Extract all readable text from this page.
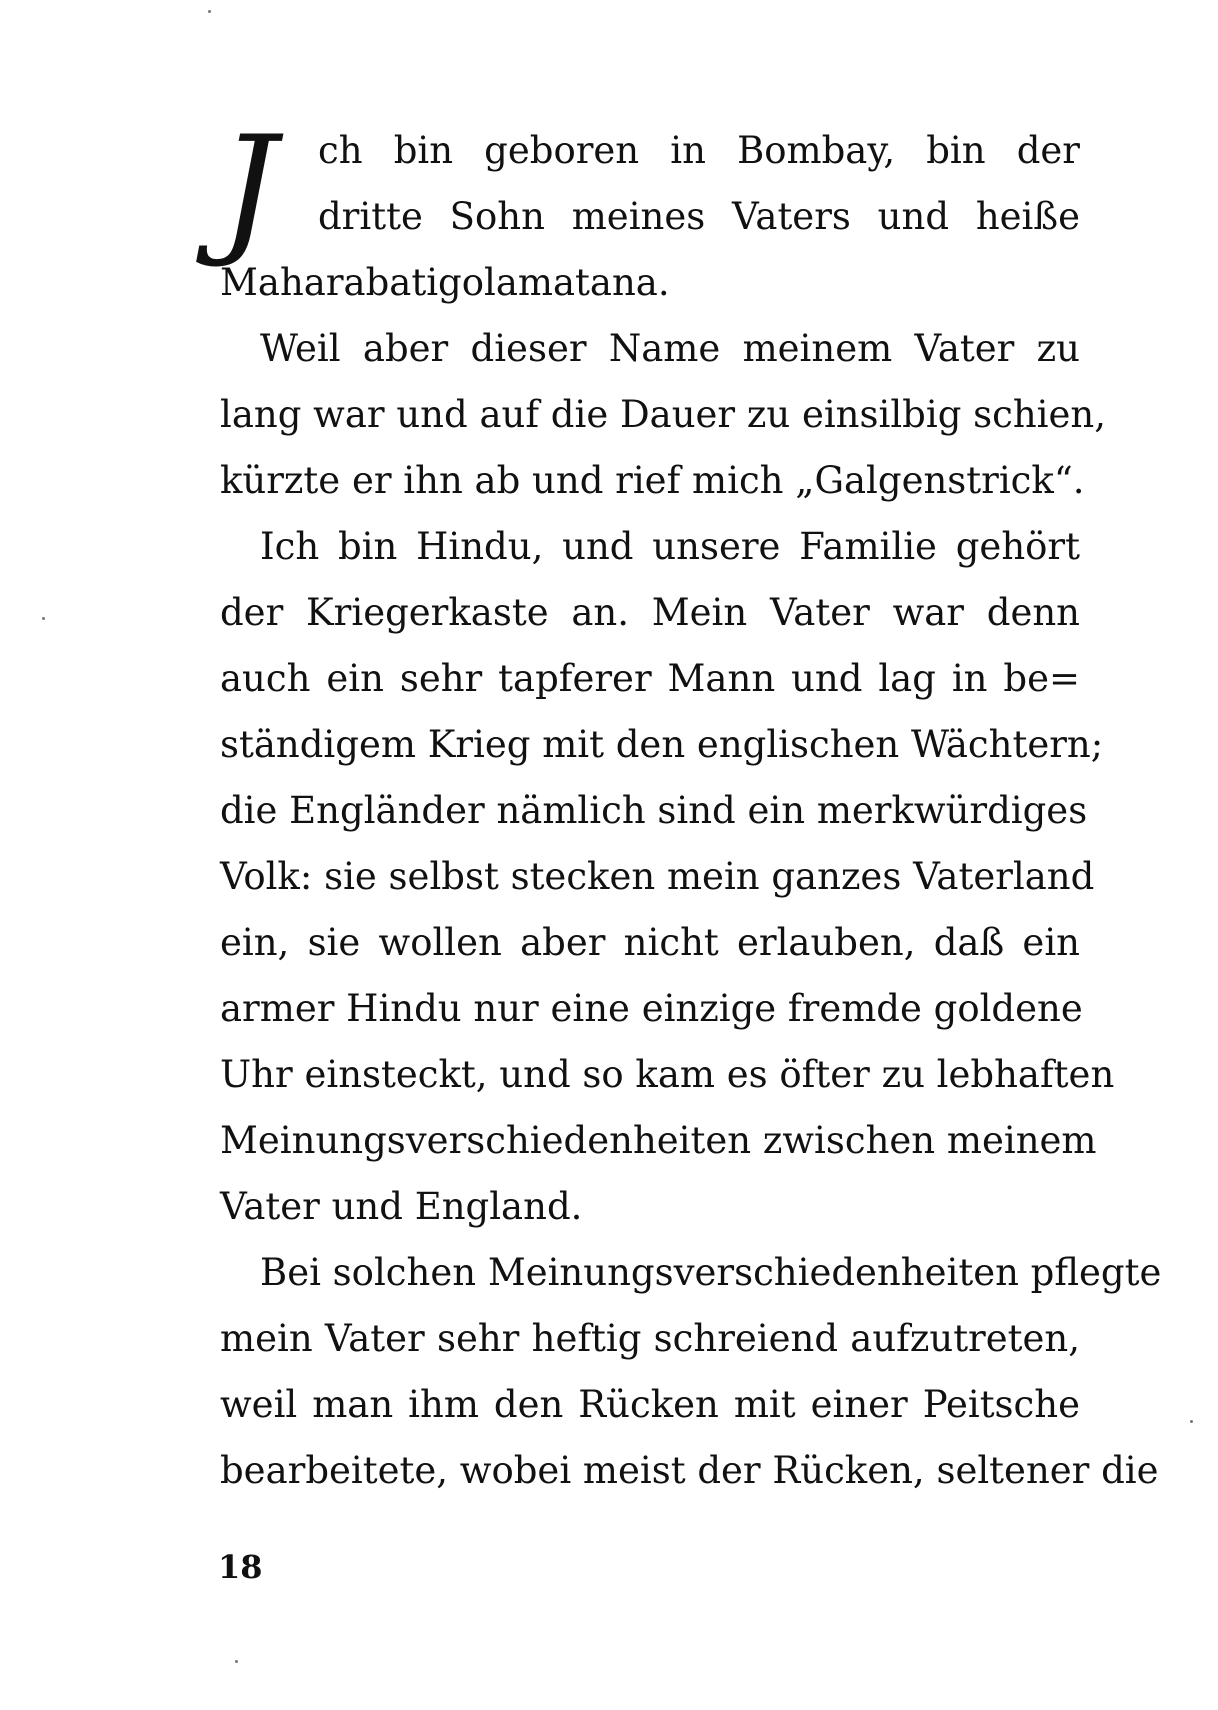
J	ch bin geboren in Bombay, bin der
dritte Sohn meines Vaters und heiße
Maharabatigolamatana.
Weil aber dieser Name meinem Vater zu
lang war und auf die Dauer zu einsilbig schien,
kürzte er ihn ab und rief mich „Galgenstrick“.
Ich bin Hindu, und unsere Familie gehört
der Kriegerkaste an. Mein Vater war denn
auch ein sehr tapferer Mann und lag in be=
ständigem Krieg mit den englischen Wächtern;
die Engländer nämlich sind ein merkwürdiges
Volk: sie selbst stecken mein ganzes Vaterland
ein, sie wollen aber nicht erlauben, daß ein
armer Hindu nur eine einzige fremde goldene
Uhr einsteckt, und so kam es öfter zu lebhaften
Meinungsverschiedenheiten zwischen meinem
Vater und England.
Bei solchen Meinungsverschiedenheiten pflegte
mein Vater sehr heftig schreiend aufzutreten,
weil man ihm den Rücken mit einer Peitsche
bearbeitete, wobei meist der Rücken, seltener die
18
